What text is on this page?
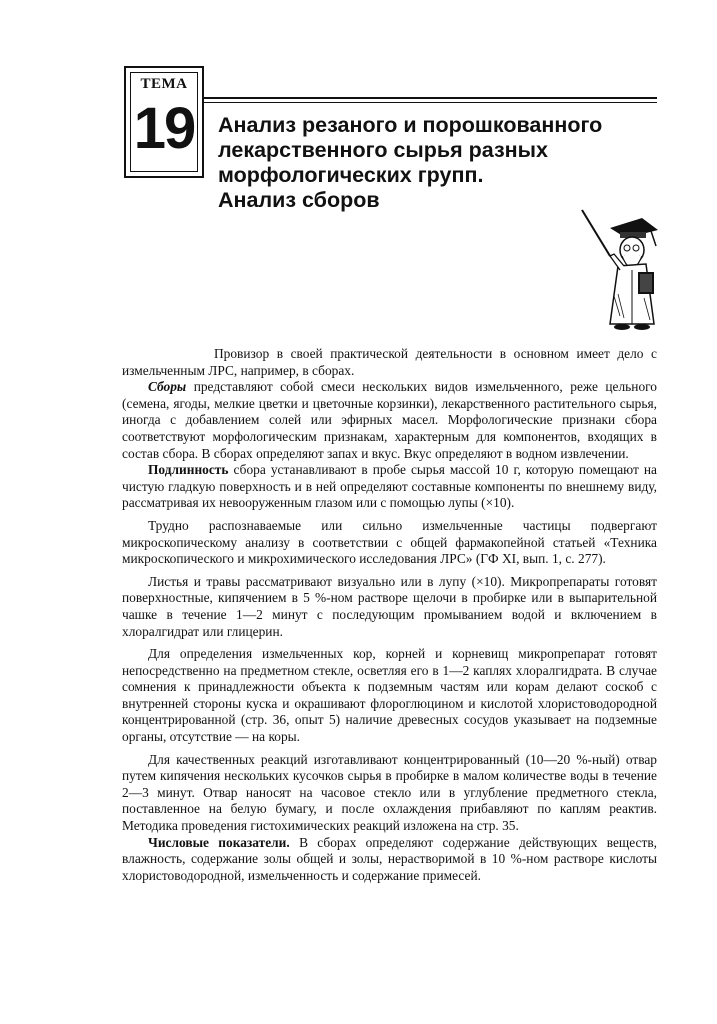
ТЕМА
19	Анализ резаного и порошкованного
лекарственного сырья разных
морфологических групп.
Анализ сборов

Провизор в своей практической деятельности в основном имеет дело с измельченным ЛРС, например, в сборах.

Сборы представляют собой смеси нескольких видов измельченного, реже цельного (семена, ягоды, мелкие цветки и цветочные корзинки), лекарственного растительного сырья, иногда с добавлением солей или эфирных масел. Морфологические признаки сбора соответствуют морфологическим признакам, характерным для компонентов, входящих в состав сбора. В сборах определяют запах и вкус. Вкус определяют в водном извлечении.

Подлинность сбора устанавливают в пробе сырья массой 10 г, которую помещают на чистую гладкую поверхность и в ней определяют составные компоненты по внешнему виду, рассматривая их невооруженным глазом или с помощью лупы (×10).

Трудно распознаваемые или сильно измельченные частицы подвергают микроскопическому анализу в соответствии с общей фармакопейной статьей «Техника микроскопического и микрохимического исследования ЛРС» (ГФ XI, вып. 1, с. 277).

Листья и травы рассматривают визуально или в лупу (×10). Микропрепараты готовят поверхностные, кипячением в 5 %-ном растворе щелочи в пробирке или в выпарительной чашке в течение 1—2 минут с последующим промыванием водой и включением в хлоралгидрат или глицерин.

Для определения измельченных кор, корней и корневищ микропрепарат готовят непосредственно на предметном стекле, осветляя его в 1—2 каплях хлоралгидрата. В случае сомнения к принадлежности объекта к подземным частям или корам делают соскоб с внутренней стороны куска и окрашивают флороглюцином и кислотой хлористоводородной концентрированной (стр. 36, опыт 5) наличие древесных сосудов указывает на подземные органы, отсутствие — на коры.

Для качественных реакций изготавливают концентрированный (10—20 %-ный) отвар путем кипячения нескольких кусочков сырья в пробирке в малом количестве воды в течение 2—3 минут. Отвар наносят на часовое стекло или в углубление предметного стекла, поставленное на белую бумагу, и после охлаждения прибавляют по каплям реактив. Методика проведения гистохимических реакций изложена на стр. 35.

Числовые показатели. В сборах определяют содержание действующих веществ, влажность, содержание золы общей и золы, нерастворимой в 10 %-ном растворе кислоты хлористоводородной, измельченность и содержание примесей.
